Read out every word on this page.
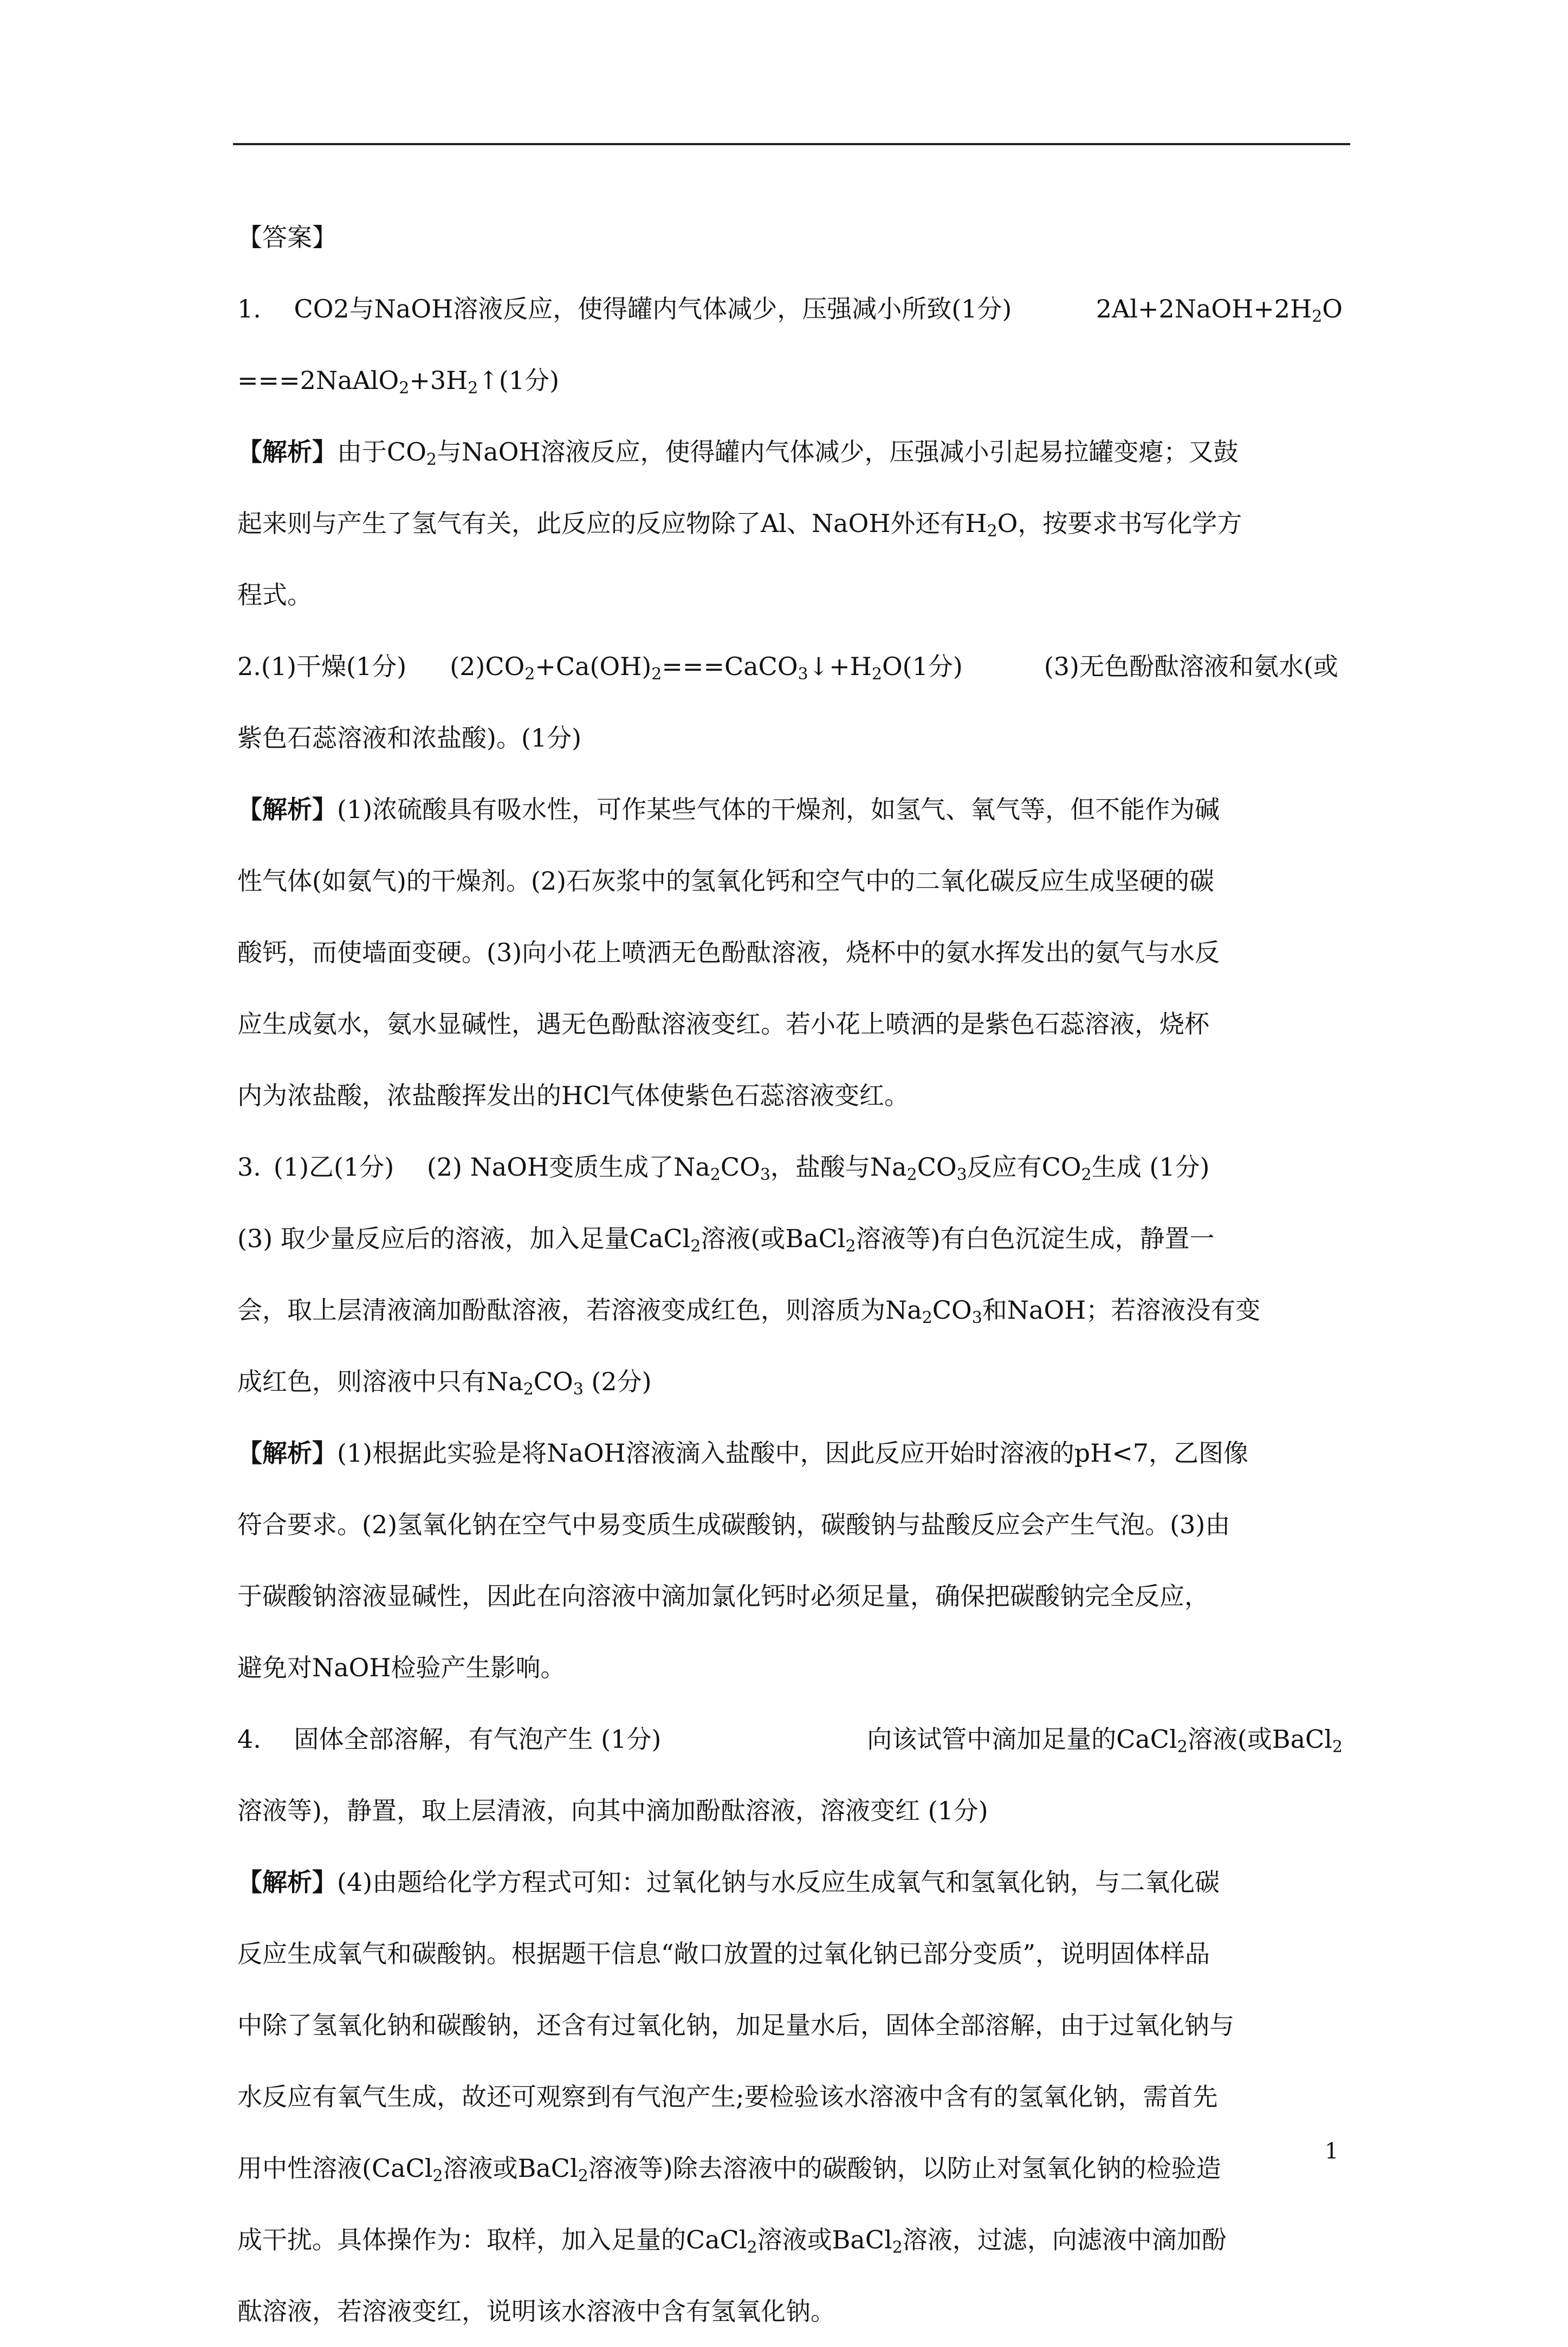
【答案】
1.　 CO2与NaOH溶液反应，使得罐内气体减少，压强减小所致(1分)	$2Al+2NaOH+2H_2O$
$===2NaAlO_2+3H_2↑(1$分)
【解析】由于$CO_2$与NaOH溶液反应，使得罐内气体减少，压强减小引起易拉罐变瘪；又鼓
起来则与产生了氢气有关，此反应的反应物除了Al、NaOH外还有$H_2O$，按要求书写化学方
程式。
2.(1)干燥(1分) $(2)CO_2+Ca(OH)_2===CaCO_3↓+H_2O(1$分)	(3)无色酚酞溶液和氨水(或
紫色石蕊溶液和浓盐酸)。(1分)
【解析】(1)浓硫酸具有吸水性，可作某些气体的干燥剂，如氢气、氧气等，但不能作为碱
性气体(如氨气)的干燥剂。(2)石灰浆中的氢氧化钙和空气中的二氧化碳反应生成坚硬的碳
酸钙，而使墙面变硬。(3)向小花上喷洒无色酚酞溶液，烧杯中的氨水挥发出的氨气与水反
应生成氨水，氨水显碱性，遇无色酚酞溶液变红。若小花上喷洒的是紫色石蕊溶液，烧杯
内为浓盐酸，浓盐酸挥发出的HCl气体使紫色石蕊溶液变红。
3. (1)乙(1分)　 (2) NaOH变质生成了$Na_2CO_3$，盐酸与$Na_2CO_3$反应有$CO_2$生成 (1分)
(3) 取少量反应后的溶液，加入足量CaCl$_2$溶液(或BaCl$_2$溶液等)有白色沉淀生成，静置一
会，取上层清液滴加酚酞溶液，若溶液变成红色，则溶质为$Na_2CO_3$和NaOH；若溶液没有变
成红色，则溶液中只有$Na_2CO_3$ (2分)
【解析】(1)根据此实验是将NaOH溶液滴入盐酸中，因此反应开始时溶液的pH<7，乙图像
符合要求。(2)氢氧化钠在空气中易变质生成碳酸钠，碳酸钠与盐酸反应会产生气泡。(3)由
于碳酸钠溶液显碱性，因此在向溶液中滴加氯化钙时必须足量，确保把碳酸钠完全反应，
避免对NaOH检验产生影响。
4.　 固体全部溶解，有气泡产生 (1分)	向该试管中滴加足量的CaCl$_2$溶液(或BaCl$_2$
溶液等)，静置，取上层清液，向其中滴加酚酞溶液，溶液变红 (1分)
【解析】(4)由题给化学方程式可知：过氧化钠与水反应生成氧气和氢氧化钠，与二氧化碳
反应生成氧气和碳酸钠。根据题干信息“敞口放置的过氧化钠已部分变质”，说明固体样品
中除了氢氧化钠和碳酸钠，还含有过氧化钠，加足量水后，固体全部溶解，由于过氧化钠与
水反应有氧气生成，故还可观察到有气泡产生;要检验该水溶液中含有的氢氧化钠，需首先
用中性溶液(CaCl$_2$溶液或BaCl$_2$溶液等)除去溶液中的碳酸钠，以防止对氢氧化钠的检验造
成干扰。具体操作为：取样，加入足量的CaCl$_2$溶液或BaCl$_2$溶液，过滤，向滤液中滴加酚
酞溶液，若溶液变红，说明该水溶液中含有氢氧化钠。
1
